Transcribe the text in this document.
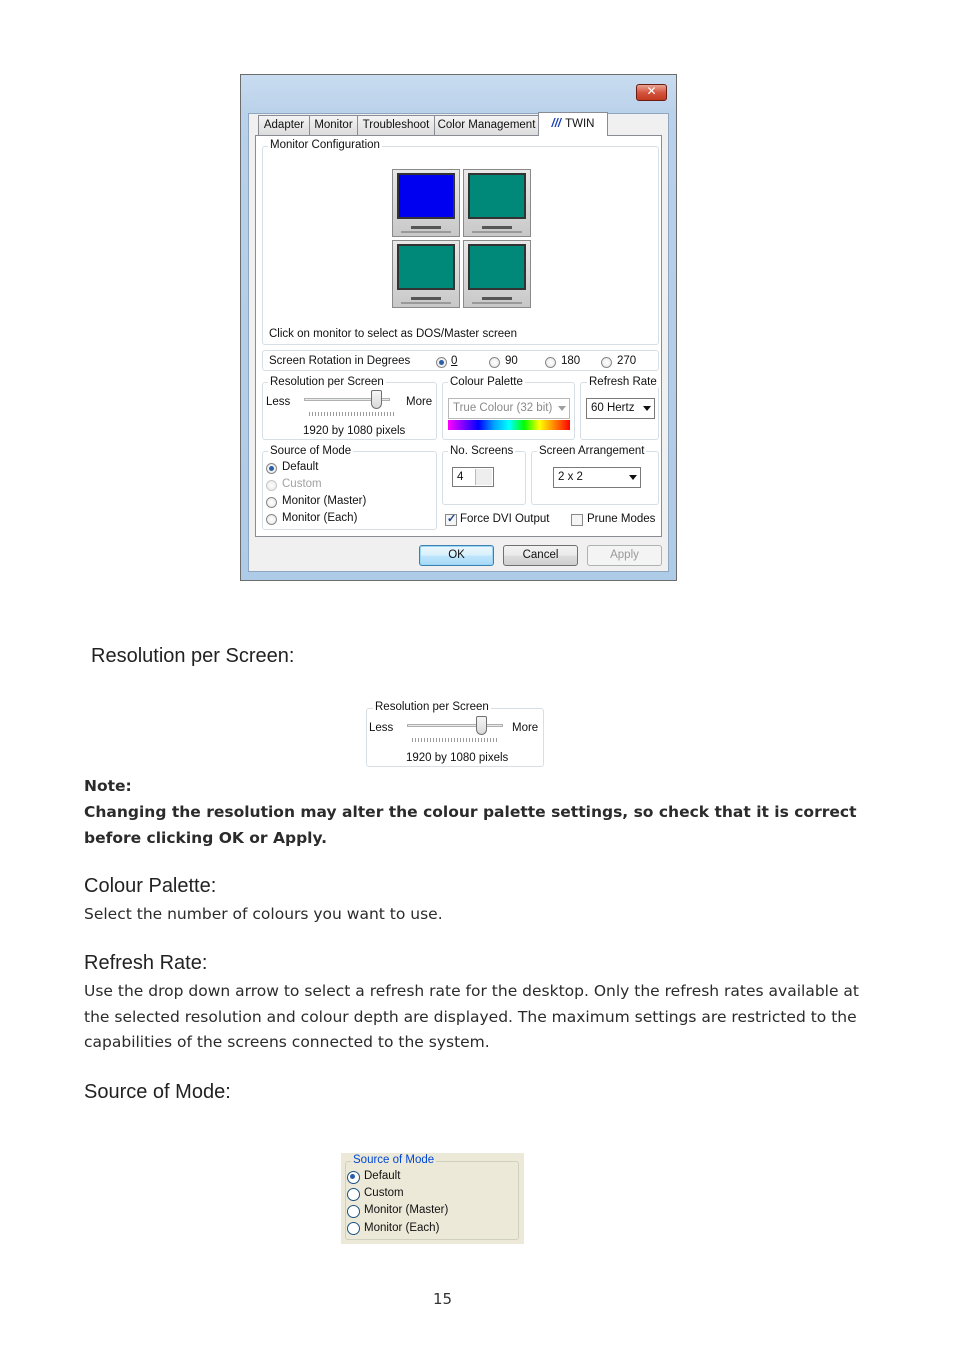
✕
Adapter Monitor Troubleshoot Color Management	/// TWIN
Monitor Configuration
Click on monitor to select as DOS/Master screen
Screen Rotation in Degrees	0	90	180	270
Resolution per Screen
Less	More
1920 by 1080 pixels
Colour Palette
True Colour (32 bit)
Refresh Rate
60 Hertz
Source of Mode
Default
Custom
Monitor (Master)
Monitor (Each)
No. Screens
4
Screen Arrangement
2 x 2
✓ Force DVI Output	Prune Modes
OK	Cancel	Apply
Resolution per Screen:
Resolution per Screen
Less	More
1920 by 1080 pixels
Note:
Changing the resolution may alter the colour palette settings, so check that it is correct before clicking OK or Apply.
Colour Palette:
Select the number of colours you want to use.
Refresh Rate:
Use the drop down arrow to select a refresh rate for the desktop. Only the refresh rates available at the selected resolution and colour depth are displayed. The maximum settings are restricted to the capabilities of the screens connected to the system.
Source of Mode:
Source of Mode
Default
Custom
Monitor (Master)
Monitor (Each)
15
